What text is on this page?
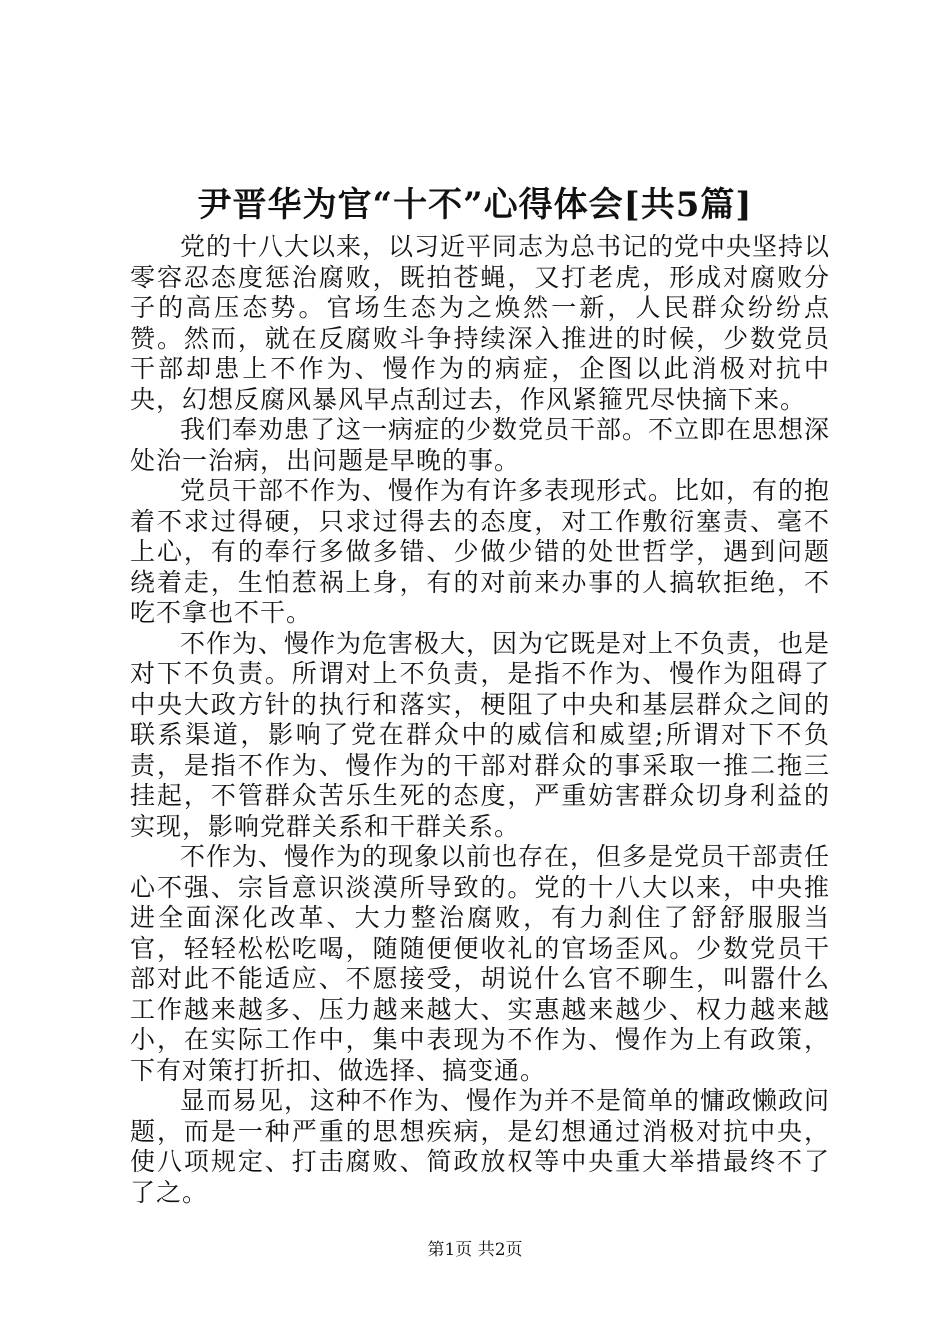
尹晋华为官“十不”心得体会[共5篇]

党的十八大以来，以习近平同志为总书记的党中央坚持以零容忍态度惩治腐败，既拍苍蝇，又打老虎，形成对腐败分子的高压态势。官场生态为之焕然一新，人民群众纷纷点赞。然而，就在反腐败斗争持续深入推进的时候，少数党员干部却患上不作为、慢作为的病症，企图以此消极对抗中央，幻想反腐风暴风早点刮过去，作风紧箍咒尽快摘下来。

我们奉劝患了这一病症的少数党员干部。不立即在思想深处治一治病，出问题是早晚的事。

党员干部不作为、慢作为有许多表现形式。比如，有的抱着不求过得硬，只求过得去的态度，对工作敷衍塞责、毫不上心，有的奉行多做多错、少做少错的处世哲学，遇到问题绕着走，生怕惹祸上身，有的对前来办事的人搞软拒绝，不吃不拿也不干。

不作为、慢作为危害极大，因为它既是对上不负责，也是对下不负责。所谓对上不负责，是指不作为、慢作为阻碍了中央大政方针的执行和落实，梗阻了中央和基层群众之间的联系渠道，影响了党在群众中的威信和威望;所谓对下不负责，是指不作为、慢作为的干部对群众的事采取一推二拖三挂起，不管群众苦乐生死的态度，严重妨害群众切身利益的实现，影响党群关系和干群关系。

不作为、慢作为的现象以前也存在，但多是党员干部责任心不强、宗旨意识淡漠所导致的。党的十八大以来，中央推进全面深化改革、大力整治腐败，有力刹住了舒舒服服当官，轻轻松松吃喝，随随便便收礼的官场歪风。少数党员干部对此不能适应、不愿接受，胡说什么官不聊生，叫嚣什么工作越来越多、压力越来越大、实惠越来越少、权力越来越小，在实际工作中，集中表现为不作为、慢作为上有政策，下有对策打折扣、做选择、搞变通。

显而易见，这种不作为、慢作为并不是简单的慵政懒政问题，而是一种严重的思想疾病，是幻想通过消极对抗中央，使八项规定、打击腐败、简政放权等中央重大举措最终不了了之。

第1页 共2页
